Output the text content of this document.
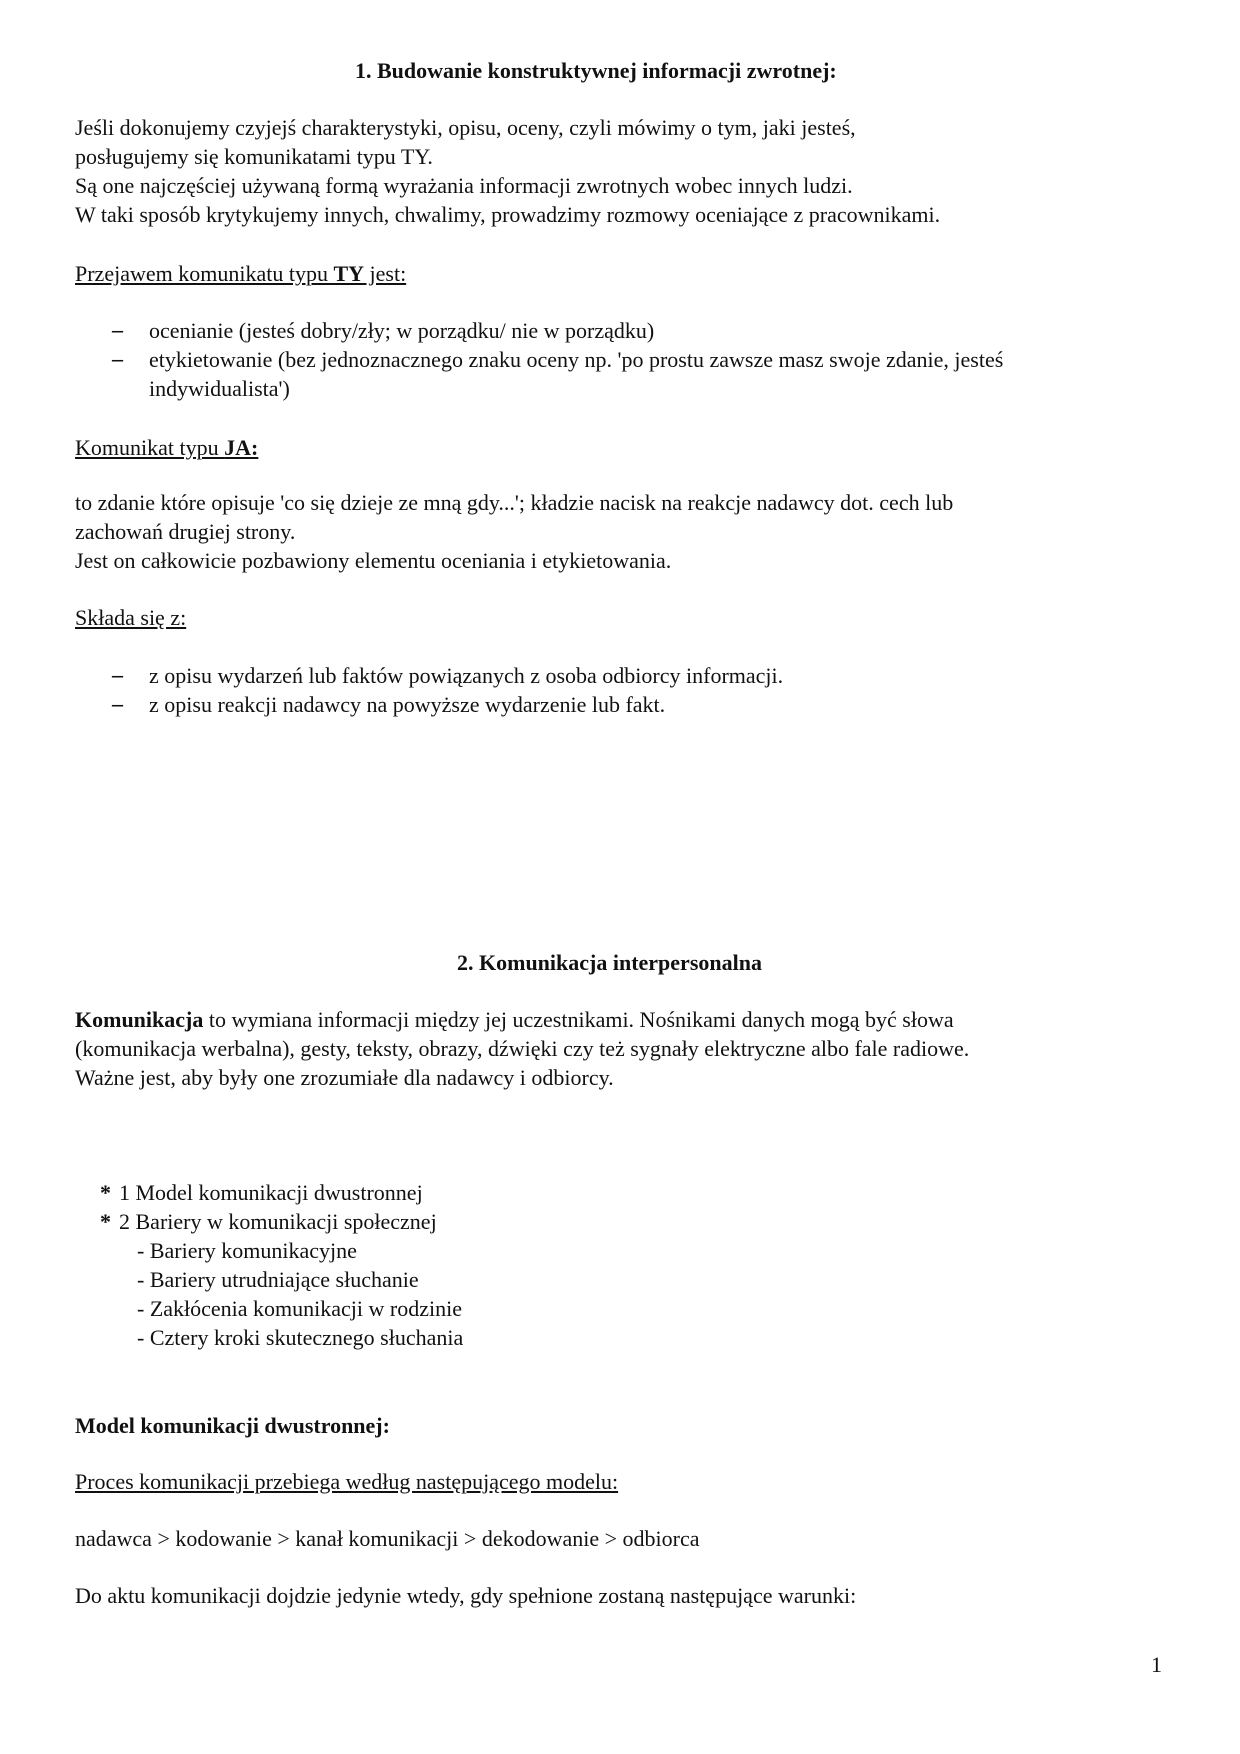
1. Budowanie konstruktywnej informacji zwrotnej:
Jeśli dokonujemy czyjejś charakterystyki, opisu, oceny, czyli mówimy o tym, jaki jesteś,
posługujemy się komunikatami typu TY.
Są one najczęściej używaną formą wyrażania informacji zwrotnych wobec innych ludzi.
W taki sposób krytykujemy innych, chwalimy, prowadzimy rozmowy oceniające z pracownikami.
Przejawem komunikatu typu TY jest:
– ocenianie (jesteś dobry/zły; w porządku/ nie w porządku)
– etykietowanie (bez jednoznacznego znaku oceny np. 'po prostu zawsze masz swoje zdanie, jesteś
indywidualista')
Komunikat typu JA:
to zdanie które opisuje 'co się dzieje ze mną gdy...'; kładzie nacisk na reakcje nadawcy dot. cech lub
zachowań drugiej strony.
Jest on całkowicie pozbawiony elementu oceniania i etykietowania.
Składa się z:
– z opisu wydarzeń lub faktów powiązanych z osoba odbiorcy informacji.
– z opisu reakcji nadawcy na powyższe wydarzenie lub fakt.
2. Komunikacja interpersonalna
Komunikacja to wymiana informacji między jej uczestnikami. Nośnikami danych mogą być słowa
(komunikacja werbalna), gesty, teksty, obrazy, dźwięki czy też sygnały elektryczne albo fale radiowe.
Ważne jest, aby były one zrozumiałe dla nadawcy i odbiorcy.
* 1 Model komunikacji dwustronnej
* 2 Bariery w komunikacji społecznej
- Bariery komunikacyjne
- Bariery utrudniające słuchanie
- Zakłócenia komunikacji w rodzinie
- Cztery kroki skutecznego słuchania
Model komunikacji dwustronnej:
Proces komunikacji przebiega według następującego modelu:
nadawca > kodowanie > kanał komunikacji > dekodowanie > odbiorca
Do aktu komunikacji dojdzie jedynie wtedy, gdy spełnione zostaną następujące warunki:
1
